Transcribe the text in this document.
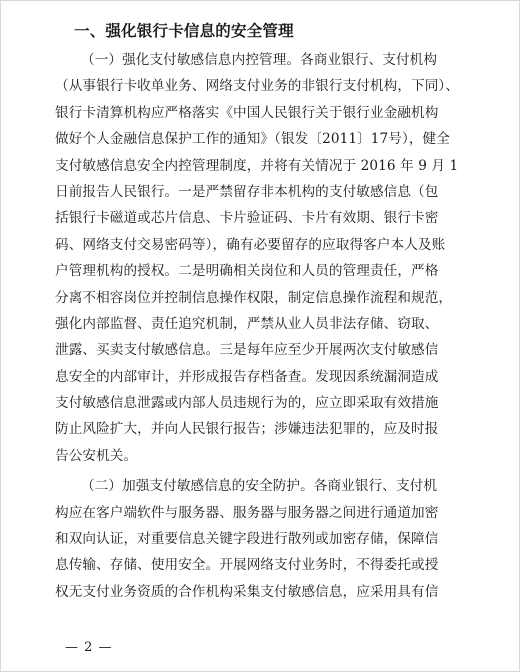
一、强化银行卡信息的安全管理
（一）强化支付敏感信息内控管理。各商业银行、支付机构
（从事银行卡收单业务、网络支付业务的非银行支付机构，下同）、
银行卡清算机构应严格落实《中国人民银行关于银行业金融机构
做好个人金融信息保护工作的通知》（银发〔2011〕17号），健全
支付敏感信息安全内控管理制度，并将有关情况于 2016 年 9 月 1
日前报告人民银行。一是严禁留存非本机构的支付敏感信息（包
括银行卡磁道或芯片信息、卡片验证码、卡片有效期、银行卡密
码、网络支付交易密码等），确有必要留存的应取得客户本人及账
户管理机构的授权。二是明确相关岗位和人员的管理责任，严格
分离不相容岗位并控制信息操作权限，制定信息操作流程和规范，
强化内部监督、责任追究机制，严禁从业人员非法存储、窃取、
泄露、买卖支付敏感信息。三是每年应至少开展两次支付敏感信
息安全的内部审计，并形成报告存档备查。发现因系统漏洞造成
支付敏感信息泄露或内部人员违规行为的，应立即采取有效措施
防止风险扩大，并向人民银行报告；涉嫌违法犯罪的，应及时报
告公安机关。
（二）加强支付敏感信息的安全防护。各商业银行、支付机
构应在客户端软件与服务器、服务器与服务器之间进行通道加密
和双向认证，对重要信息关键字段进行散列或加密存储，保障信
息传输、存储、使用安全。开展网络支付业务时，不得委托或授
权无支付业务资质的合作机构采集支付敏感信息，应采用具有信
— 2 —
